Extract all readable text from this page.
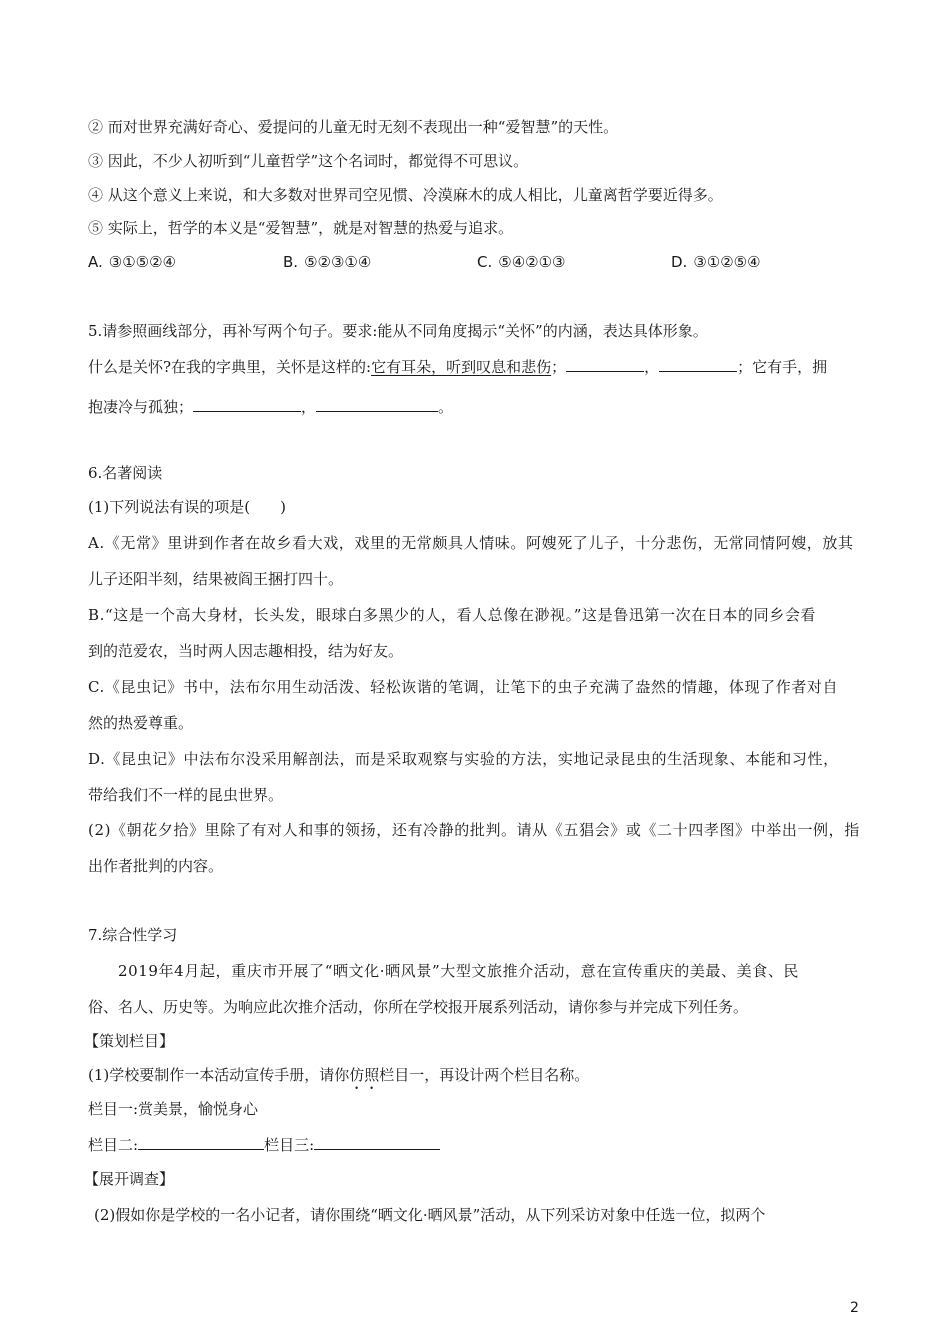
② 而对世界充满好奇心、爱提问的儿童无时无刻不表现出一种“爱智慧”的天性。
③ 因此，不少人初听到“儿童哲学”这个名词时，都觉得不可思议。
④ 从这个意义上来说，和大多数对世界司空见惯、冷漠麻木的成人相比，儿童离哲学要近得多。
⑤ 实际上，哲学的本义是“爱智慧”，就是对智慧的热爱与追求。
A. ③①⑤②④	B. ⑤②③①④	C. ⑤④②①③	D. ③①②⑤④
5.请参照画线部分，再补写两个句子。要求:能从不同角度揭示“关怀”的内涵，表达具体形象。
什么是关怀?在我的字典里，关怀是这样的:它有耳朵，听到叹息和悲伤；	，	；它有手，拥
抱凄冷与孤独；	，	。
6.名著阅读
(1)下列说法有误的项是(　　)
A.《无常》里讲到作者在故乡看大戏，戏里的无常颇具人情味。阿嫂死了儿子，十分悲伤，无常同情阿嫂，放其
儿子还阳半刻，结果被阎王捆打四十。
B.“这是一个高大身材，长头发，眼球白多黑少的人，看人总像在渺视。”这是鲁迅第一次在日本的同乡会看
到的范爱农，当时两人因志趣相投，结为好友。
C.《昆虫记》书中，法布尔用生动活泼、轻松诙谐的笔调，让笔下的虫子充满了盎然的情趣，体现了作者对自
然的热爱尊重。
D.《昆虫记》中法布尔没采用解剖法，而是采取观察与实验的方法，实地记录昆虫的生活现象、本能和习性，
带给我们不一样的昆虫世界。
(2)《朝花夕拾》里除了有对人和事的领扬，还有冷静的批判。请从《五猖会》或《二十四孝图》中举出一例，指
出作者批判的内容。
7.综合性学习
2019年4月起，重庆市开展了“晒文化·晒风景”大型文旅推介活动，意在宣传重庆的美最、美食、民
俗、名人、历史等。为响应此次推介活动，你所在学校报开展系列活动，请你参与并完成下列任务。
【策划栏目】
(1)学校要制作一本活动宣传手册，请你仿照栏目一，再设计两个栏目名称。
栏目一:赏美景，愉悦身心
栏目二:	栏目三:
【展开调查】
(2)假如你是学校的一名小记者，请你围绕“晒文化·晒风景”活动，从下列采访对象中任选一位，拟两个
2
